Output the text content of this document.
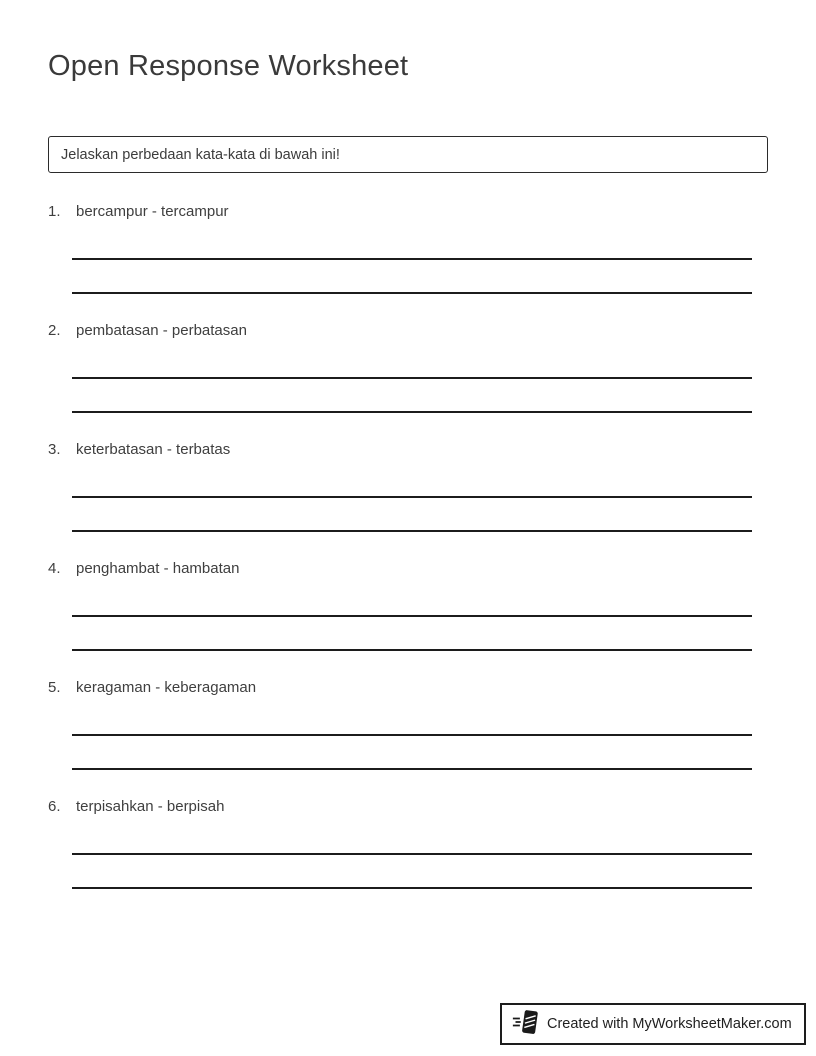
Open Response Worksheet
Jelaskan perbedaan kata-kata di bawah ini!
1.	bercampur - tercampur
2.	pembatasan - perbatasan
3.	keterbatasan - terbatas
4.	penghambat - hambatan
5.	keragaman - keberagaman
6.	terpisahkan - berpisah
Created with MyWorksheetMaker.com
